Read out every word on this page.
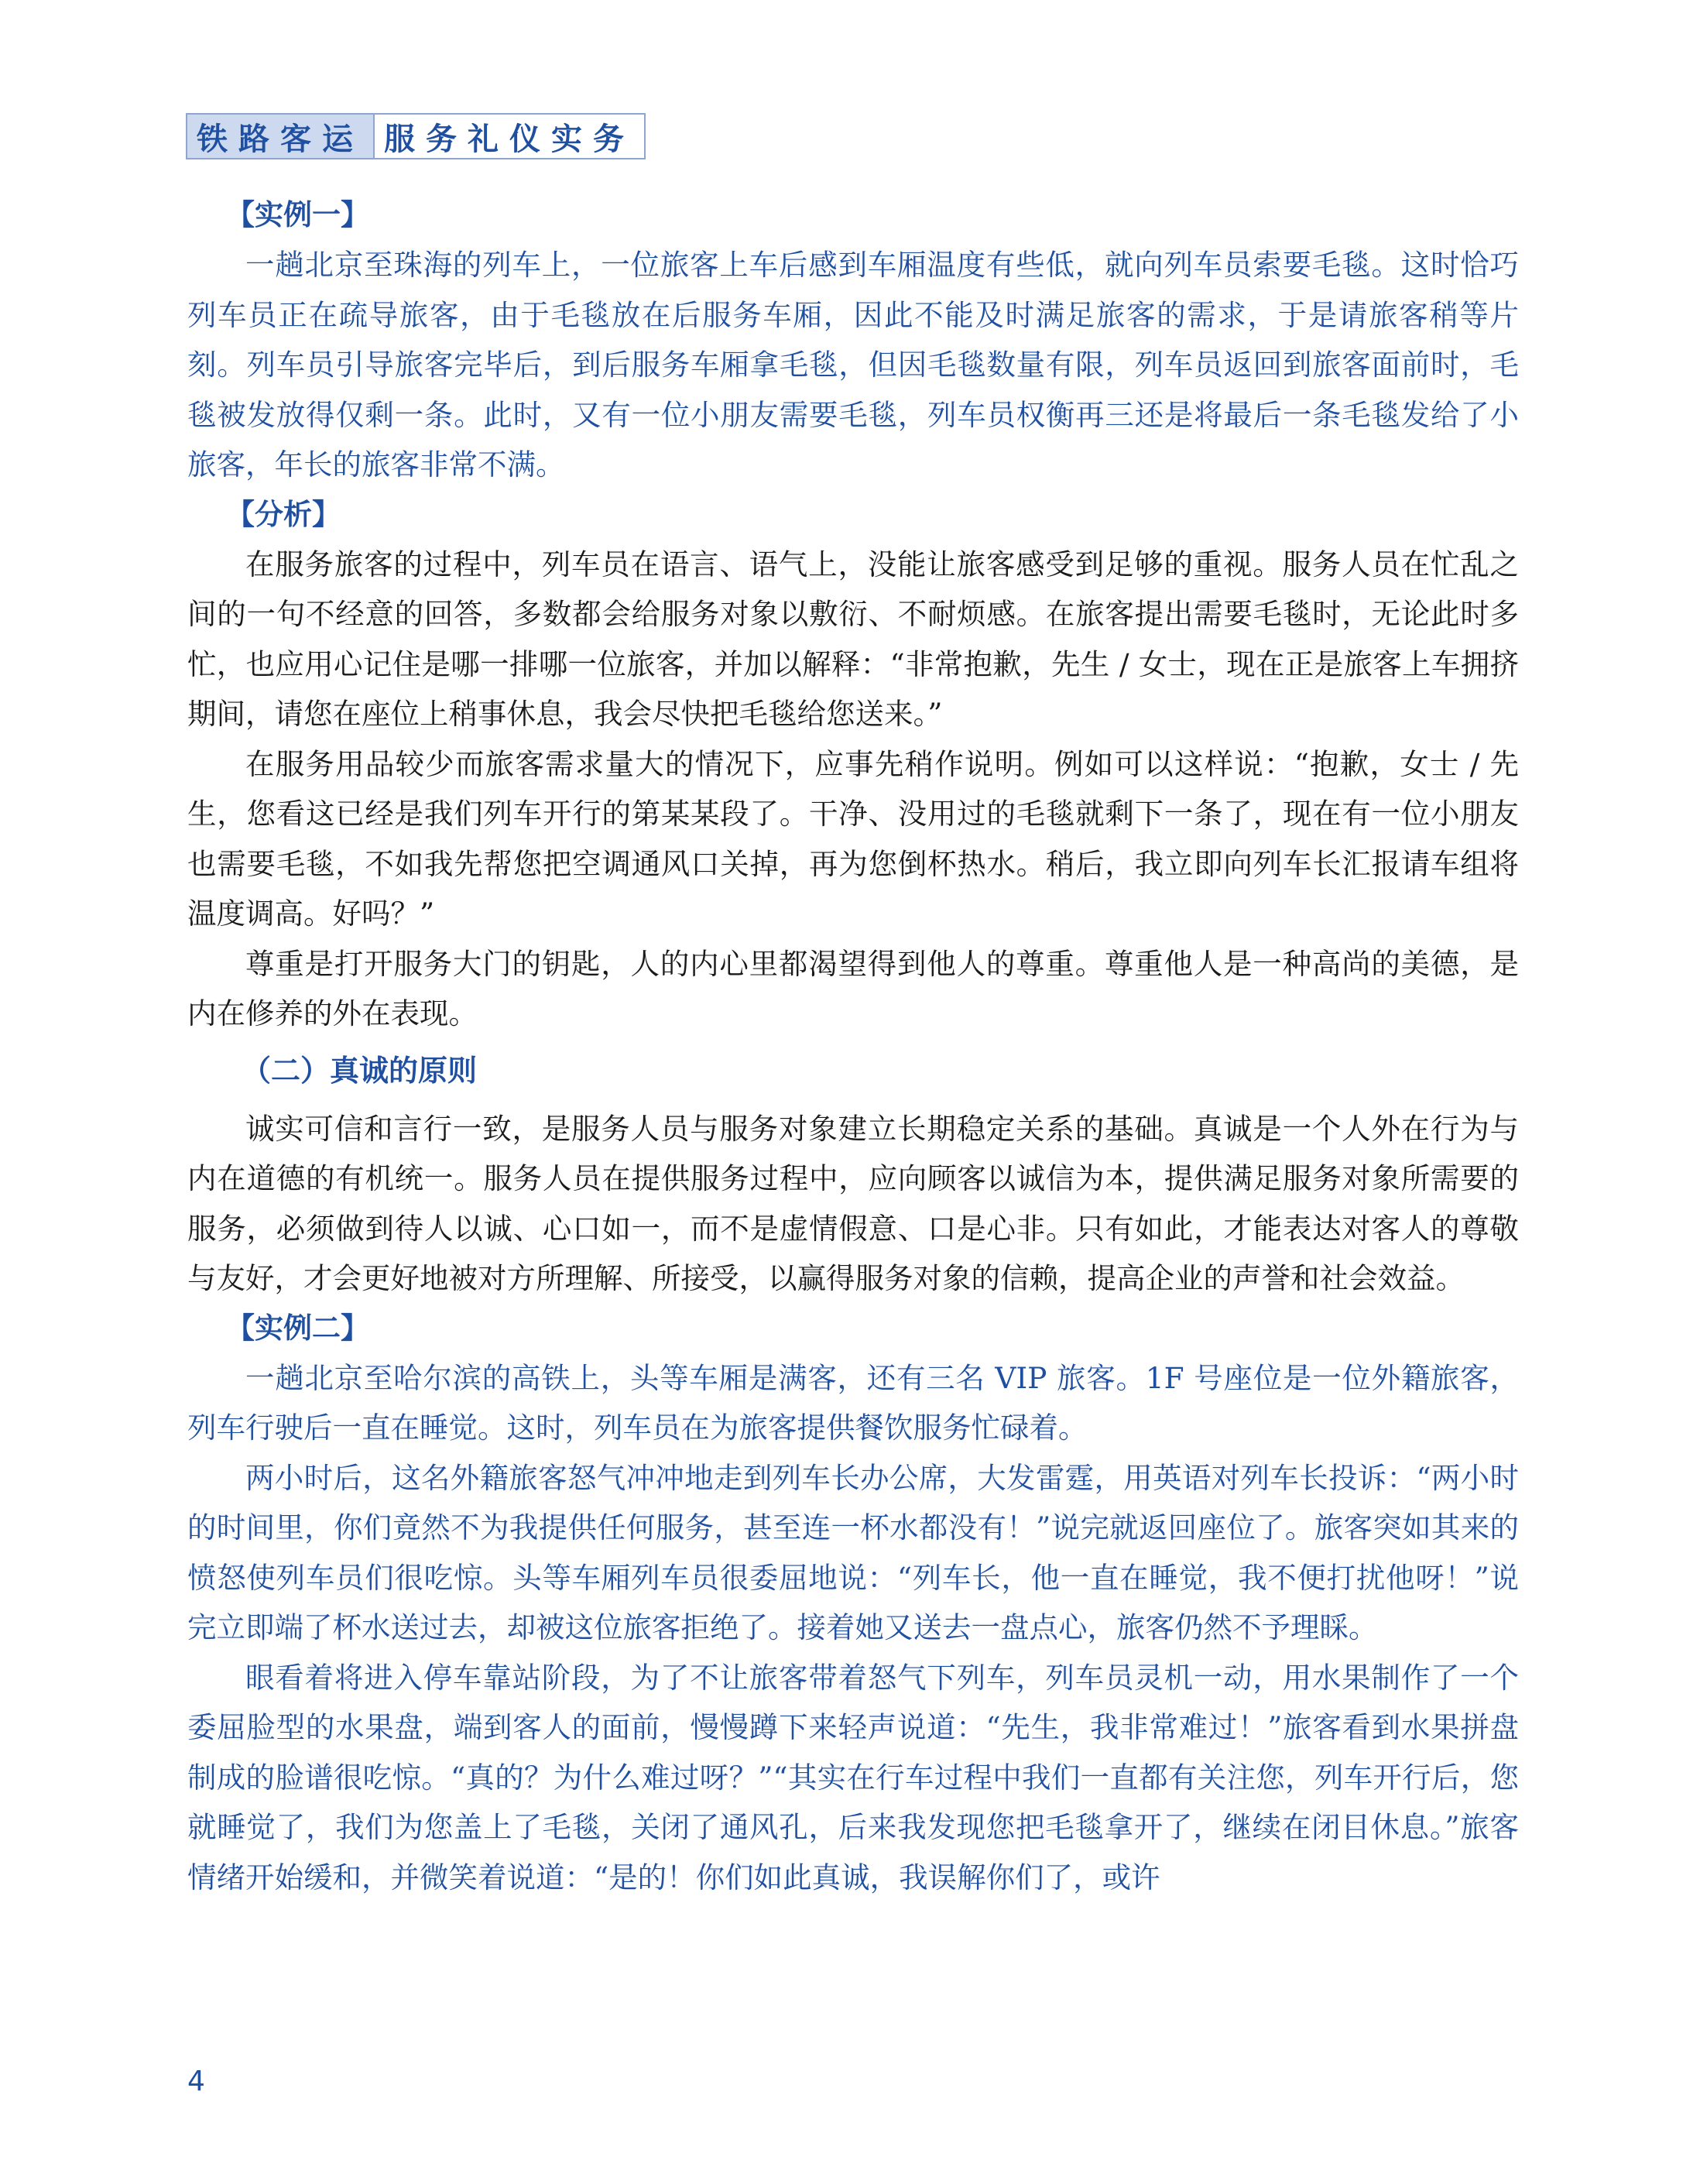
铁路客运 服务礼仪实务
【实例一】

一趟北京至珠海的列车上，一位旅客上车后感到车厢温度有些低，就向列车员索要毛毯。这时恰巧列车员正在疏导旅客，由于毛毯放在后服务车厢，因此不能及时满足旅客的需求，于是请旅客稍等片刻。列车员引导旅客完毕后，到后服务车厢拿毛毯，但因毛毯数量有限，列车员返回到旅客面前时，毛毯被发放得仅剩一条。此时，又有一位小朋友需要毛毯，列车员权衡再三还是将最后一条毛毯发给了小旅客，年长的旅客非常不满。

【分析】

在服务旅客的过程中，列车员在语言、语气上，没能让旅客感受到足够的重视。服务人员在忙乱之间的一句不经意的回答，多数都会给服务对象以敷衍、不耐烦感。在旅客提出需要毛毯时，无论此时多忙，也应用心记住是哪一排哪一位旅客，并加以解释：“非常抱歉，先生 / 女士，现在正是旅客上车拥挤期间，请您在座位上稍事休息，我会尽快把毛毯给您送来。”

在服务用品较少而旅客需求量大的情况下，应事先稍作说明。例如可以这样说：“抱歉，女士 / 先生，您看这已经是我们列车开行的第某某段了。干净、没用过的毛毯就剩下一条了，现在有一位小朋友也需要毛毯，不如我先帮您把空调通风口关掉，再为您倒杯热水。稍后，我立即向列车长汇报请车组将温度调高。好吗？”

尊重是打开服务大门的钥匙，人的内心里都渴望得到他人的尊重。尊重他人是一种高尚的美德，是内在修养的外在表现。

（二）真诚的原则

诚实可信和言行一致，是服务人员与服务对象建立长期稳定关系的基础。真诚是一个人外在行为与内在道德的有机统一。服务人员在提供服务过程中，应向顾客以诚信为本，提供满足服务对象所需要的服务，必须做到待人以诚、心口如一，而不是虚情假意、口是心非。只有如此，才能表达对客人的尊敬与友好，才会更好地被对方所理解、所接受，以赢得服务对象的信赖，提高企业的声誉和社会效益。

【实例二】

一趟北京至哈尔滨的高铁上，头等车厢是满客，还有三名 VIP 旅客。1F 号座位是一位外籍旅客，列车行驶后一直在睡觉。这时，列车员在为旅客提供餐饮服务忙碌着。

两小时后，这名外籍旅客怒气冲冲地走到列车长办公席，大发雷霆，用英语对列车长投诉：“两小时的时间里，你们竟然不为我提供任何服务，甚至连一杯水都没有！”说完就返回座位了。旅客突如其来的愤怒使列车员们很吃惊。头等车厢列车员很委屈地说：“列车长，他一直在睡觉，我不便打扰他呀！”说完立即端了杯水送过去，却被这位旅客拒绝了。接着她又送去一盘点心，旅客仍然不予理睬。

眼看着将进入停车靠站阶段，为了不让旅客带着怒气下列车，列车员灵机一动，用水果制作了一个委屈脸型的水果盘，端到客人的面前，慢慢蹲下来轻声说道：“先生，我非常难过！”旅客看到水果拼盘制成的脸谱很吃惊。“真的？为什么难过呀？”“其实在行车过程中我们一直都有关注您，列车开行后，您就睡觉了，我们为您盖上了毛毯，关闭了通风孔，后来我发现您把毛毯拿开了，继续在闭目休息。”旅客情绪开始缓和，并微笑着说道：“是的！你们如此真诚，我误解你们了，或许

4
